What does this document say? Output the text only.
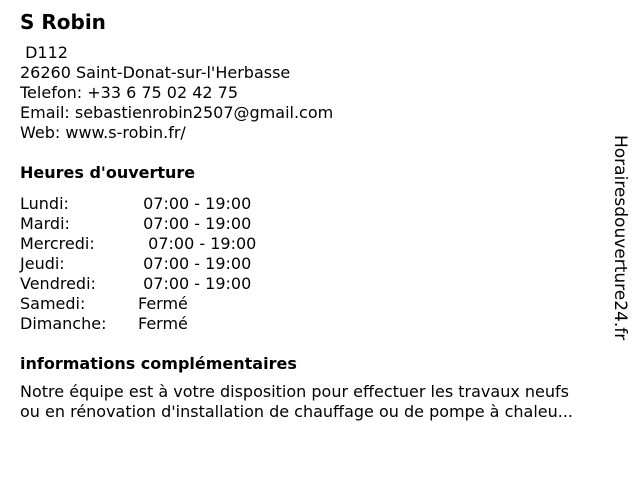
S Robin
D112
26260 Saint-Donat-sur-l'Herbasse
Telefon: +33 6 75 02 42 75
Email: sebastienrobin2507@gmail.com
Web: www.s-robin.fr/
Heures d'ouverture
Lundi:	07:00 - 19:00
Mardi:	07:00 - 19:00
Mercredi:	07:00 - 19:00
Jeudi:	07:00 - 19:00
Vendredi:	07:00 - 19:00
Samedi:	Fermé
Dimanche: Fermé
informations complémentaires
Notre équipe est à votre disposition pour effectuer les travaux neufs
ou en rénovation d'installation de chauffage ou de pompe à chaleu...
Horairesdouverture24.fr
